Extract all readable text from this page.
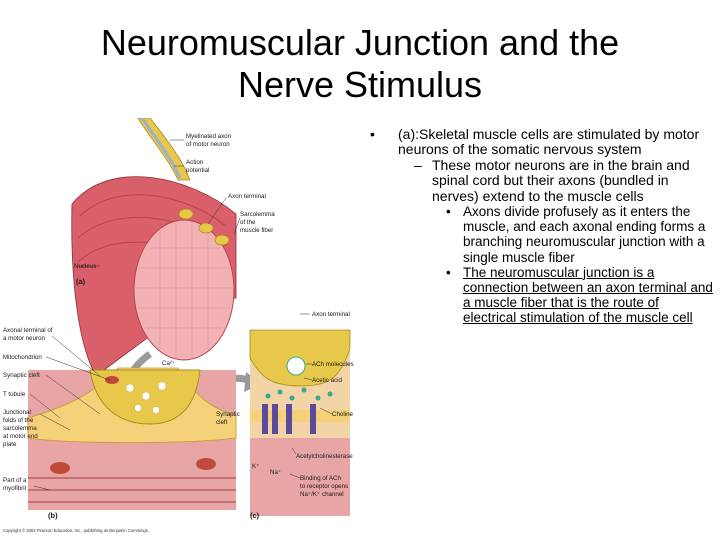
Neuromuscular Junction and the
Nerve Stimulus
Myelinated axon
of motor neuron
Action
potential
Axon terminal
Sarcolemma
of the
muscle fiber
Nucleus
(a)
Axon terminal
Axonal terminal of
a motor neuron
Mitochondrion
Synaptic cleft
T tubule
Junctional
folds of the
sarcolemma
at motor end
plate
Part of a
myofibril
(b)
Ca²⁺
(c)
ACh molecules
Acetic acid
Choline
Synaptic
cleft
Acetylcholinesterase
K⁺
Na⁺
Binding of ACh
to receptor opens
Na⁺/K⁺ channel
Copyright © 2004 Pearson Education, Inc., publishing as Benjamin Cummings.
• (a):Skeletal muscle cells are stimulated by motor neurons of the somatic nervous system
– These motor neurons are in the brain and spinal cord but their axons (bundled in nerves) extend to the muscle cells
• Axons divide profusely as it enters the muscle, and each axonal ending forms a branching neuromuscular junction with a single muscle fiber
• The neuromuscular junction is a connection between an axon terminal and a muscle fiber that is the route of electrical stimulation of the muscle cell
